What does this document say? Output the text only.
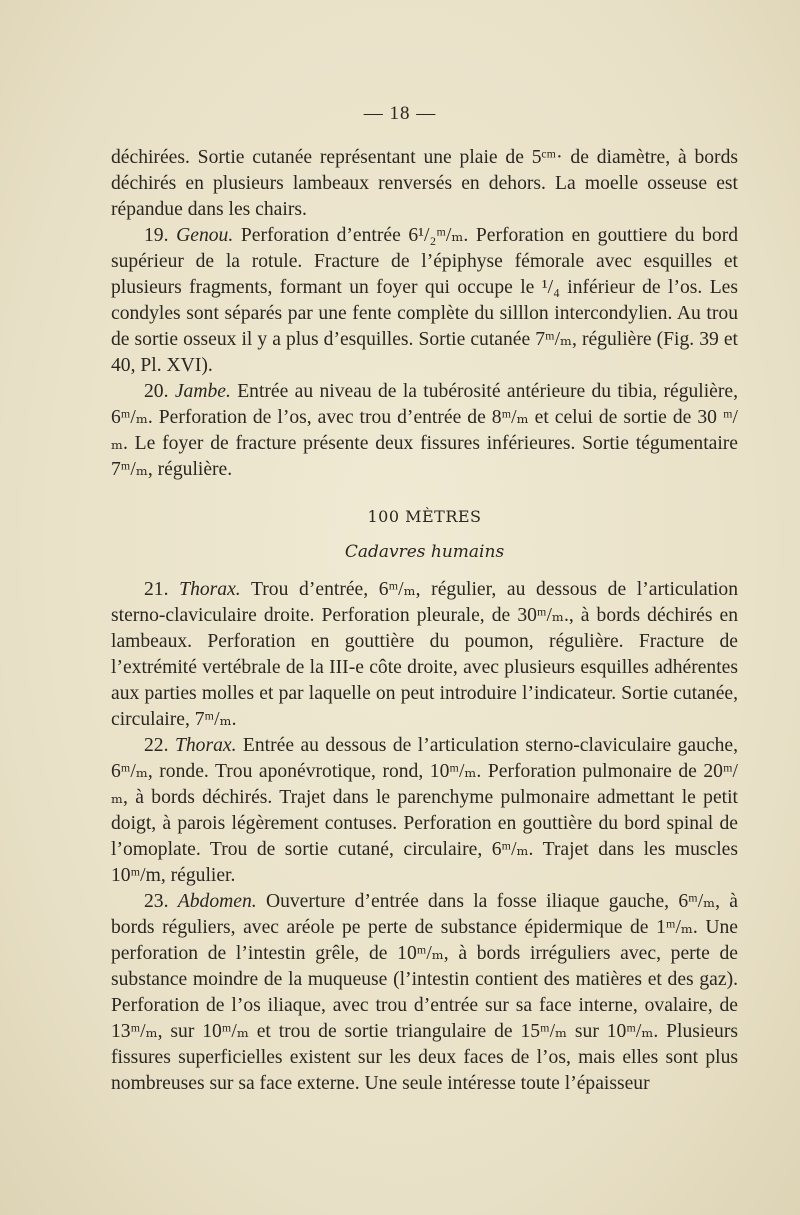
— 18 —

déchirées. Sortie cutanée représentant une plaie de 5ᶜᵐ· de diamètre, à bords déchirés en plusieurs lambeaux renversés en dehors. La moelle osseuse est répandue dans les chairs.

19. Genou. Perforation d’entrée 6¹/₂ᵐ/ₘ. Perforation en gouttiere du bord supérieur de la rotule. Fracture de l’épiphyse fémorale avec esquilles et plusieurs fragments, formant un foyer qui occupe le ¹/₄ inférieur de l’os. Les condyles sont séparés par une fente complète du silllon intercondylien. Au trou de sortie osseux il y a plus d’esquilles. Sortie cutanée 7ᵐ/ₘ, régulière (Fig. 39 et 40, Pl. XVI).

20. Jambe. Entrée au niveau de la tubérosité antérieure du tibia, régulière, 6ᵐ/ₘ. Perforation de l’os, avec trou d’entrée de 8ᵐ/ₘ et celui de sortie de 30 ᵐ/ₘ. Le foyer de fracture présente deux fissures inférieures. Sortie tégumentaire 7ᵐ/ₘ, régulière.

100 MÈTRES

Cadavres humains

21. Thorax. Trou d’entrée, 6ᵐ/ₘ, régulier, au dessous de l’articulation sterno-claviculaire droite. Perforation pleurale, de 30ᵐ/ₘ., à bords déchirés en lambeaux. Perforation en gouttière du poumon, régulière. Fracture de l’extrémité vertébrale de la III-e côte droite, avec plusieurs esquilles adhérentes aux parties molles et par laquelle on peut introduire l’indicateur. Sortie cutanée, circulaire, 7ᵐ/ₘ.

22. Thorax. Entrée au dessous de l’articulation sterno-claviculaire gauche, 6ᵐ/ₘ, ronde. Trou aponévrotique, rond, 10ᵐ/ₘ. Perforation pulmonaire de 20ᵐ/ₘ, à bords déchirés. Trajet dans le parenchyme pulmonaire admettant le petit doigt, à parois légèrement contuses. Perforation en gouttière du bord spinal de l’omoplate. Trou de sortie cutané, circulaire, 6ᵐ/ₘ. Trajet dans les muscles 10ᵐ/m, régulier.

23. Abdomen. Ouverture d’entrée dans la fosse iliaque gauche, 6ᵐ/ₘ, à bords réguliers, avec aréole pe perte de substance épidermique de 1ᵐ/ₘ. Une perforation de l’intestin grêle, de 10ᵐ/ₘ, à bords irréguliers avec, perte de substance moindre de la muqueuse (l’intestin contient des matières et des gaz). Perforation de l’os iliaque, avec trou d’entrée sur sa face interne, ovalaire, de 13ᵐ/ₘ, sur 10ᵐ/ₘ et trou de sortie triangulaire de 15ᵐ/ₘ sur 10ᵐ/ₘ. Plusieurs fissures superficielles existent sur les deux faces de l’os, mais elles sont plus nombreuses sur sa face externe. Une seule intéresse toute l’épaisseur
